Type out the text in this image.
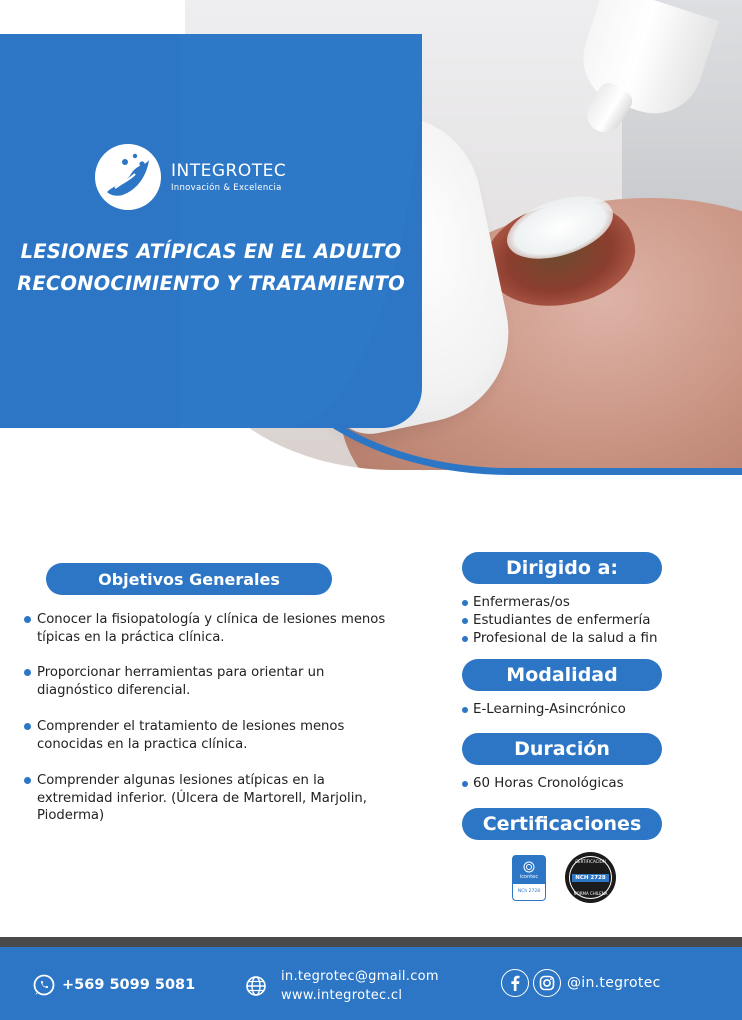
INTEGROTEC
Innovación & Excelencia
LESIONES ATÍPICAS EN EL ADULTO
RECONOCIMIENTO Y TRATAMIENTO
Objetivos Generales
Conocer la fisiopatología y clínica de lesiones menos típicas en la práctica clínica.
Proporcionar herramientas para orientar un diagnóstico diferencial.
Comprender el tratamiento de lesiones menos conocidas en la practica clínica.
Comprender algunas lesiones atípicas en la extremidad inferior. (Úlcera de Martorell, Marjolin, Pioderma)
Dirigido a:
Enfermeras/os
Estudiantes de enfermería
Profesional de la salud a fin
Modalidad
E-Learning-Asincrónico
Duración
60 Horas Cronológicas
Certificaciones
icontec
NCh 2728
CERTIFICACIÓN
NCH 2728
NORMA CHILENA
+569 5099 5081
in.tegrotec@gmail.com
www.integrotec.cl
@in.tegrotec
